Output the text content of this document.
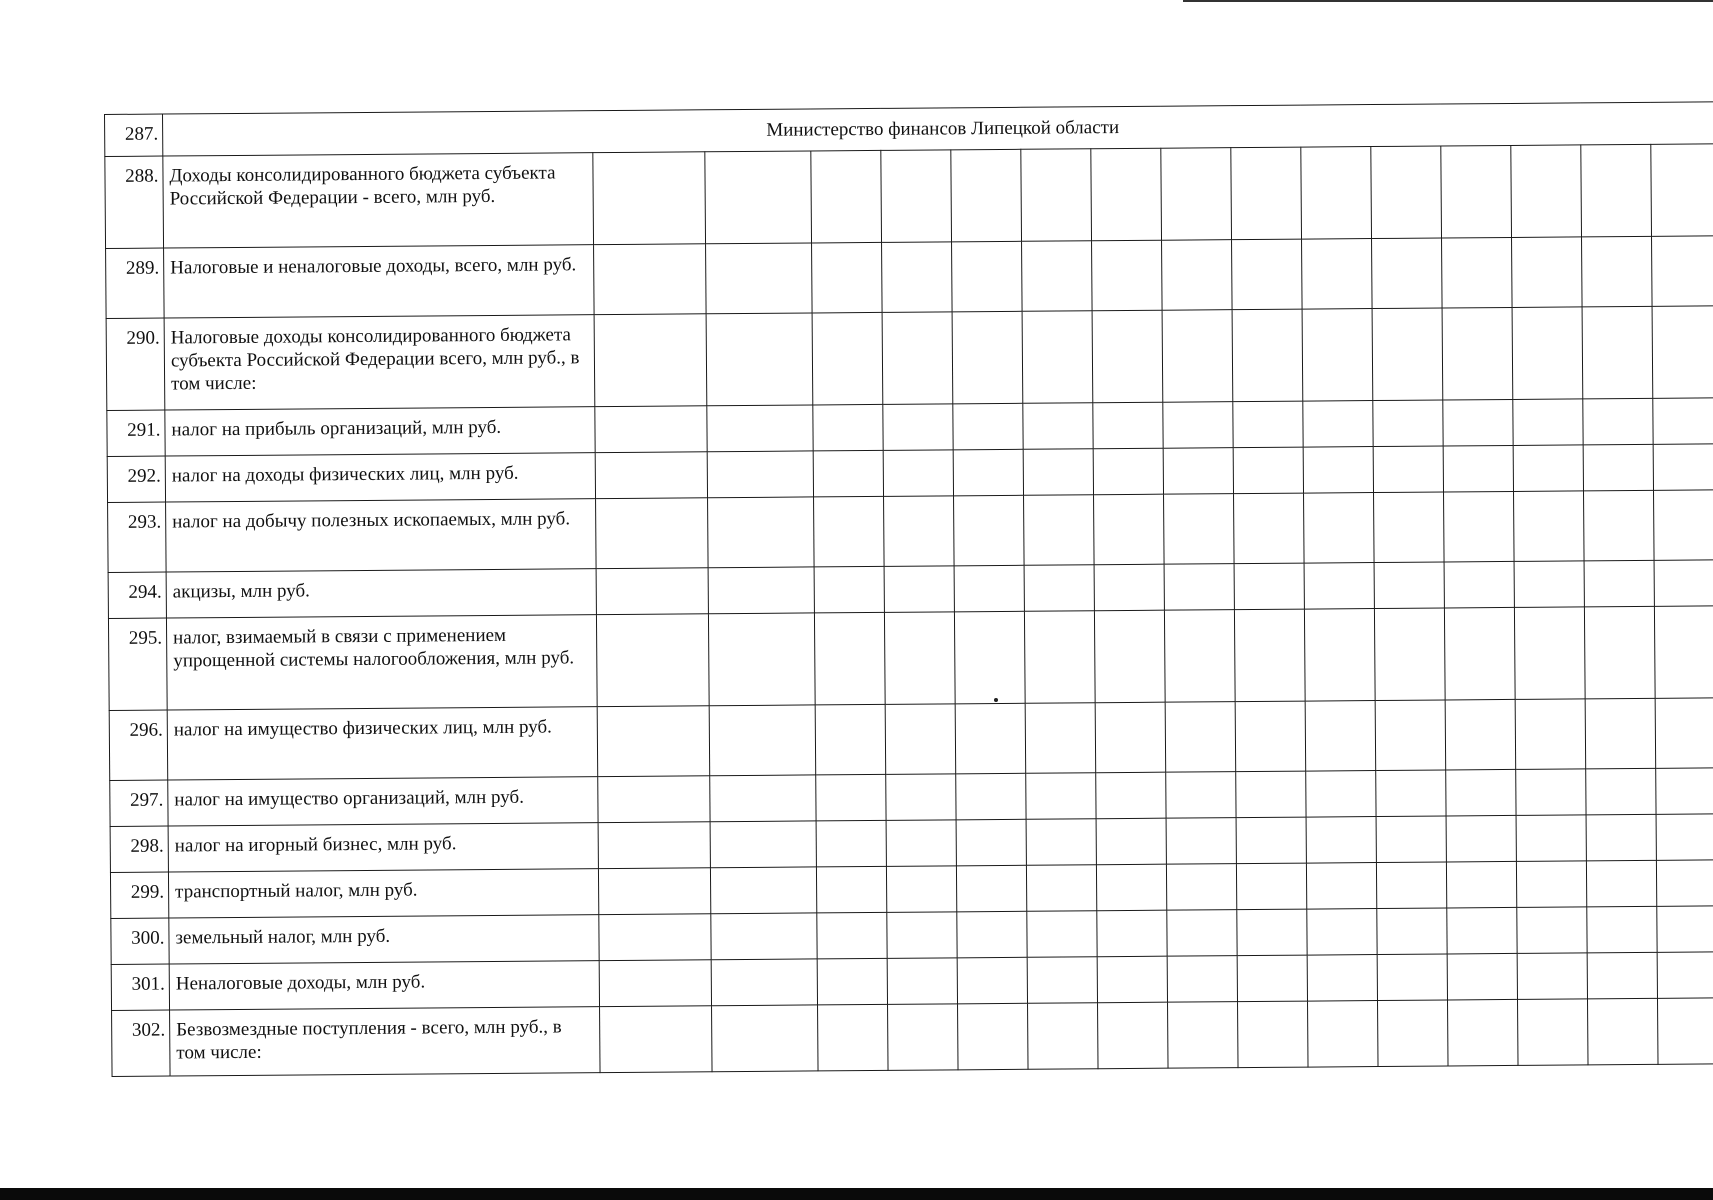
287.	Министерство финансов Липецкой области															
288.	Доходы консолидированного бюджета субъекта Российской Федерации - всего, млн руб.															
289.	Налоговые и неналоговые доходы, всего, млн руб.															
290.	Налоговые доходы консолидированного бюджета субъекта Российской Федерации всего, млн руб., в том числе:															
291.	налог на прибыль организаций, млн руб.															
292.	налог на доходы физических лиц, млн руб.															
293.	налог на добычу полезных ископаемых, млн руб.															
294.	акцизы, млн руб.															
295.	налог, взимаемый в связи с применением упрощенной системы налогообложения, млн руб.															
296.	налог на имущество физических лиц, млн руб.															
297.	налог на имущество организаций, млн руб.															
298.	налог на игорный бизнес, млн руб.															
299.	транспортный налог, млн руб.															
300.	земельный налог, млн руб.															
301.	Неналоговые доходы, млн руб.															
302.	Безвозмездные поступления - всего, млн руб., в том числе:															
